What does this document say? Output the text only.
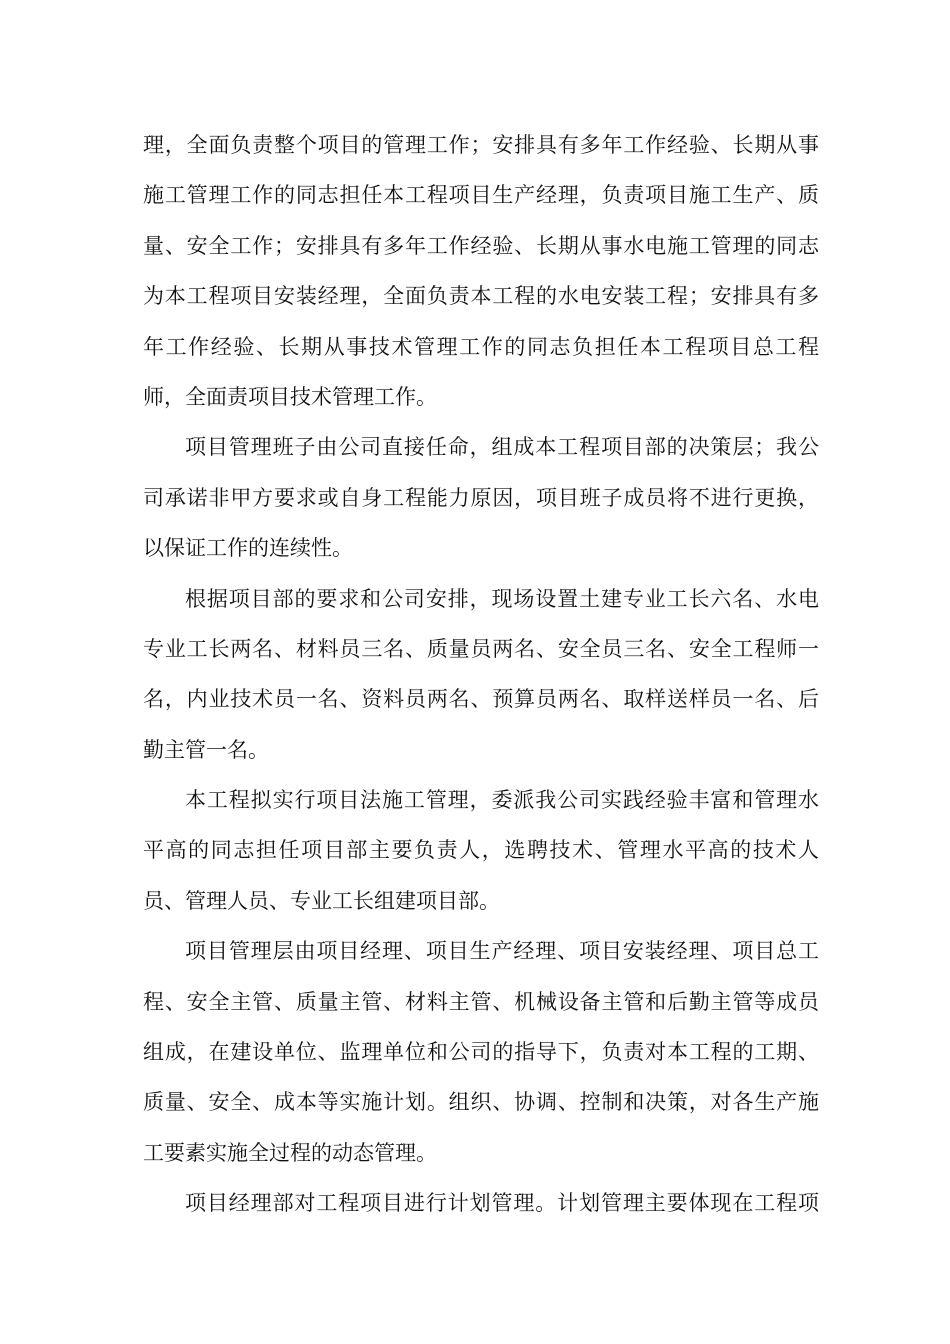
理，全面负责整个项目的管理工作；安排具有多年工作经验、长期从事
施工管理工作的同志担任本工程项目生产经理，负责项目施工生产、质
量、安全工作；安排具有多年工作经验、长期从事水电施工管理的同志
为本工程项目安装经理，全面负责本工程的水电安装工程；安排具有多
年工作经验、长期从事技术管理工作的同志负担任本工程项目总工程
师，全面责项目技术管理工作。
项目管理班子由公司直接任命，组成本工程项目部的决策层；我公
司承诺非甲方要求或自身工程能力原因，项目班子成员将不进行更换，
以保证工作的连续性。
根据项目部的要求和公司安排，现场设置土建专业工长六名、水电
专业工长两名、材料员三名、质量员两名、安全员三名、安全工程师一
名，内业技术员一名、资料员两名、预算员两名、取样送样员一名、后
勤主管一名。
本工程拟实行项目法施工管理，委派我公司实践经验丰富和管理水
平高的同志担任项目部主要负责人，选聘技术、管理水平高的技术人
员、管理人员、专业工长组建项目部。
项目管理层由项目经理、项目生产经理、项目安装经理、项目总工
程、安全主管、质量主管、材料主管、机械设备主管和后勤主管等成员
组成，在建设单位、监理单位和公司的指导下，负责对本工程的工期、
质量、安全、成本等实施计划。组织、协调、控制和决策，对各生产施
工要素实施全过程的动态管理。
项目经理部对工程项目进行计划管理。计划管理主要体现在工程项
